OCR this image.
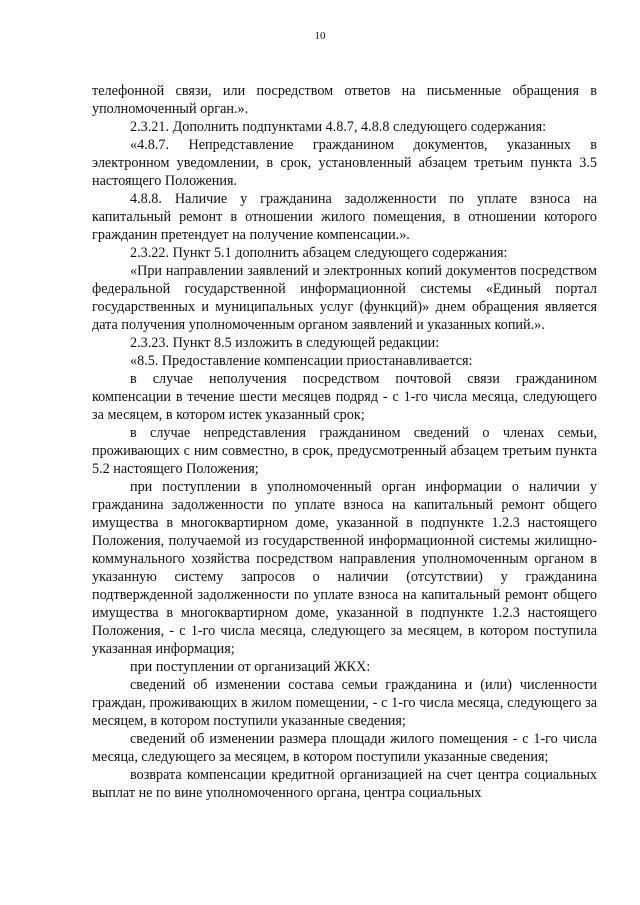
10

телефонной связи, или посредством ответов на письменные обращения в уполномоченный орган.».

2.3.21. Дополнить подпунктами 4.8.7, 4.8.8 следующего содержания:

«4.8.7. Непредставление гражданином документов, указанных в электронном уведомлении, в срок, установленный абзацем третьим пункта 3.5 настоящего Положения.

4.8.8. Наличие у гражданина задолженности по уплате взноса на капитальный ремонт в отношении жилого помещения, в отношении которого гражданин претендует на получение компенсации.».

2.3.22. Пункт 5.1 дополнить абзацем следующего содержания:

«При направлении заявлений и электронных копий документов посредством федеральной государственной информационной системы «Единый портал государственных и муниципальных услуг (функций)» днем обращения является дата получения уполномоченным органом заявлений и указанных копий.».

2.3.23. Пункт 8.5 изложить в следующей редакции:

«8.5. Предоставление компенсации приостанавливается:

в случае неполучения посредством почтовой связи гражданином компенсации в течение шести месяцев подряд - с 1-го числа месяца, следующего за месяцем, в котором истек указанный срок;

в случае непредставления гражданином сведений о членах семьи, проживающих с ним совместно, в срок, предусмотренный абзацем третьим пункта 5.2 настоящего Положения;

при поступлении в уполномоченный орган информации о наличии у гражданина задолженности по уплате взноса на капитальный ремонт общего имущества в многоквартирном доме, указанной в подпункте 1.2.3 настоящего Положения, получаемой из государственной информационной системы жилищно-коммунального хозяйства посредством направления уполномоченным органом в указанную систему запросов о наличии (отсутствии) у гражданина подтвержденной задолженности по уплате взноса на капитальный ремонт общего имущества в многоквартирном доме, указанной в подпункте 1.2.3 настоящего Положения, - с 1-го числа месяца, следующего за месяцем, в котором поступила указанная информация;

при поступлении от организаций ЖКХ:

сведений об изменении состава семьи гражданина и (или) численности граждан, проживающих в жилом помещении, - с 1-го числа месяца, следующего за месяцем, в котором поступили указанные сведения;

сведений об изменении размера площади жилого помещения - с 1-го числа месяца, следующего за месяцем, в котором поступили указанные сведения;

возврата компенсации кредитной организацией на счет центра социальных выплат не по вине уполномоченного органа, центра социальных
